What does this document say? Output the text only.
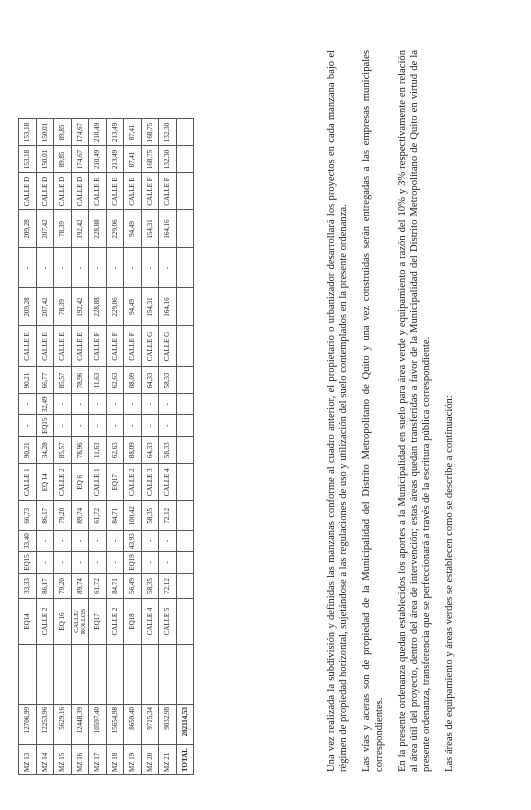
MZ 13	12706,99		EQ14	33,33	EQ15	33,40	66,73	CALLE 1	90,21	-	-	90,21	CALLE E	209,28	-	209,28	CALLE D	153,18	153,18
MZ 14	12253,96		CALLE 2	86,17	-	-	86,17	EQ 14	34,28	EQ15	32,49	66,77	CALLE E	207,42	-	207,42	CALLE D	150,01	150,01
MZ 15	5629,16		EQ 16	79,20	-	-	79,20	CALLE 2	85,57	-	-	85,57	CALLE E	78,39	-	78,39	CALLE D	89,85	89,85
MZ 16	12448,39		CALLE/
ROLLOS	89,74	-	-	89,74	EQ 6	78,96	-	-	78,96	CALLE E	192,42	-	192,42	CALLE D	174,67	174,67
MZ 17	10597,40		EQ17	61,72	-	-	61,72	CALLE 1	11,63	-	-	11,63	CALLE F	228,88	-	228,88	CALLE E	210,49	210,49
MZ 18	15654,98		CALLE 2	84,71	-	-	84,71	EQ17	62,63	-	-	62,63	CALLE F	229,06	-	229,06	CALLE E	213,49	213,49
MZ 19	8659,40		EQ18	56,49	EQ19	43,93	100,42	CALLE 2	88,09	-	-	88,09	CALLE F	94,49	-	94,49	CALLE E	87,41	87,41
MZ 20	9715,34		CALLE 4	58,35	-	-	58,35	CALLE 3	64,33	-	-	64,33	CALLE G	154,31	-	154,31	CALLE F	168,75	168,75
MZ 21	9032,98		CALLE 5	72,12	-	-	72,12	CALLE 4	58,33	-	-	58,33	CALLE G	164,16	-	164,16	CALLE F	132,30	132,30
TOTAL	202114,53																			Una vez realizada la subdivisión y definidas las manzanas conforme al cuadro anterior, el propietario o urbanizador desarrollará los proyectos en cada manzana bajo el régimen de propiedad horizontal, sujetándose a las regulaciones de uso y utilización del suelo contemplados en la presente ordenanza. Las vías y aceras son de propiedad de la Municipalidad del Distrito Metropolitano de Quito y una vez construidas serán entregadas a las empresas municipales correspondientes. En la presente ordenanza quedan establecidos los aportes a la Municipalidad en suelo para área verde y equipamiento a razón del 10% y 3% respectivamente en relación al área útil del proyecto, dentro del área de intervención; estas áreas quedan transferidas a favor de la Municipalidad del Distrito Metropolitano de Quito en virtud de la presente ordenanza, transferencia que se perfeccionará a través de la escritura pública correspondiente. Las áreas de equipamiento y áreas verdes se establecen como se describe a continuación:
